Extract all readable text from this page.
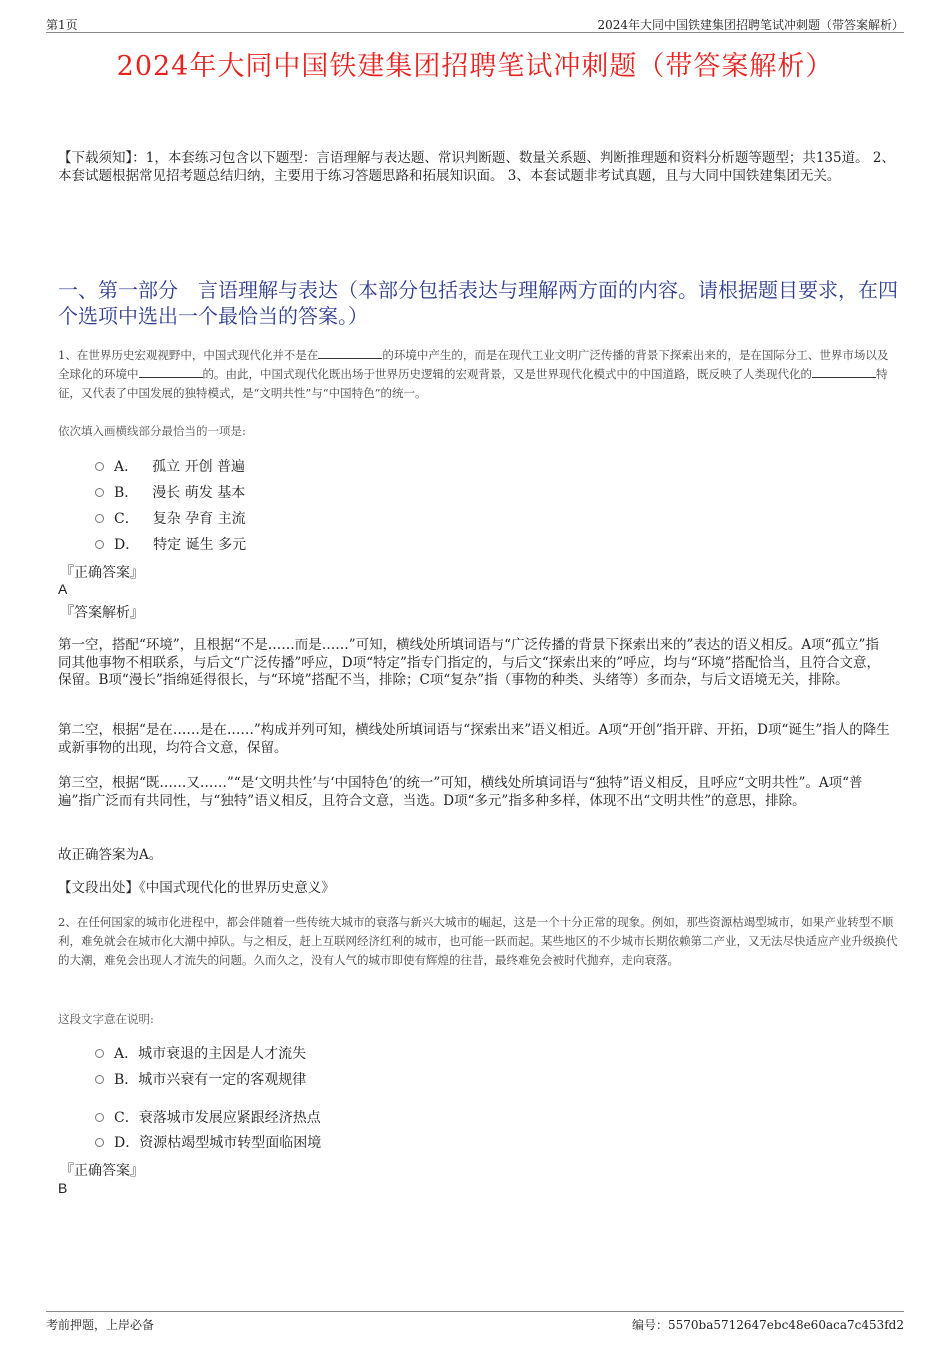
第1页	2024年大同中国铁建集团招聘笔试冲刺题（带答案解析）
2024年大同中国铁建集团招聘笔试冲刺题（带答案解析）
【下载须知】：1，本套练习包含以下题型：言语理解与表达题、常识判断题、数量关系题、判断推理题和资料分析题等题型；共135道。 2、本套试题根据常见招考题总结归纳，主要用于练习答题思路和拓展知识面。 3、本套试题非考试真题，且与大同中国铁建集团无关。
一、第一部分　言语理解与表达（本部分包括表达与理解两方面的内容。请根据题目要求，在四个选项中选出一个最恰当的答案。）
1、在世界历史宏观视野中，中国式现代化并不是在	的环境中产生的，而是在现代工业文明广泛传播的背景下探索出来的，是在国际分工、世界市场以及全球化的环境中	的。由此，中国式现代化既出场于世界历史逻辑的宏观背景，又是世界现代化模式中的中国道路，既反映了人类现代化的	特征，又代表了中国发展的独特模式，是“文明共性”与“中国特色”的统一。
依次填入画横线部分最恰当的一项是:
A． 孤立 开创 普遍
B． 漫长 萌发 基本
C． 复杂 孕育 主流
D． 特定 诞生 多元
『正确答案』
A
『答案解析』
第一空，搭配“环境”，且根据“不是……而是……”可知，横线处所填词语与“广泛传播的背景下探索出来的”表达的语义相反。A项“孤立”指同其他事物不相联系，与后文“广泛传播”呼应，D项“特定”指专门指定的，与后文“探索出来的”呼应，均与“环境”搭配恰当，且符合文意，保留。B项“漫长”指绵延得很长，与“环境”搭配不当，排除；C项“复杂”指（事物的种类、头绪等）多而杂，与后文语境无关，排除。
第二空，根据“是在……是在……”构成并列可知，横线处所填词语与“探索出来”语义相近。A项“开创”指开辟、开拓，D项“诞生”指人的降生或新事物的出现，均符合文意，保留。
第三空，根据“既……又……”“是‘文明共性’与‘中国特色’的统一”可知，横线处所填词语与“独特”语义相反，且呼应“文明共性”。A项“普遍”指广泛而有共同性，与“独特”语义相反，且符合文意，当选。D项“多元”指多种多样，体现不出“文明共性”的意思，排除。
故正确答案为A。
【文段出处】《中国式现代化的世界历史意义》
2、在任何国家的城市化进程中，都会伴随着一些传统大城市的衰落与新兴大城市的崛起，这是一个十分正常的现象。例如，那些资源枯竭型城市，如果产业转型不顺利，难免就会在城市化大潮中掉队。与之相反，赶上互联网经济红利的城市，也可能一跃而起。某些地区的不少城市长期依赖第二产业，又无法尽快适应产业升级换代的大潮，难免会出现人才流失的问题。久而久之，没有人气的城市即使有辉煌的往昔，最终难免会被时代抛弃，走向衰落。
这段文字意在说明:
A． 城市衰退的主因是人才流失
B． 城市兴衰有一定的客观规律
C． 衰落城市发展应紧跟经济热点
D． 资源枯竭型城市转型面临困境
『正确答案』
B
考前押题，上岸必备	编号：5570ba5712647ebc48e60aca7c453fd2
